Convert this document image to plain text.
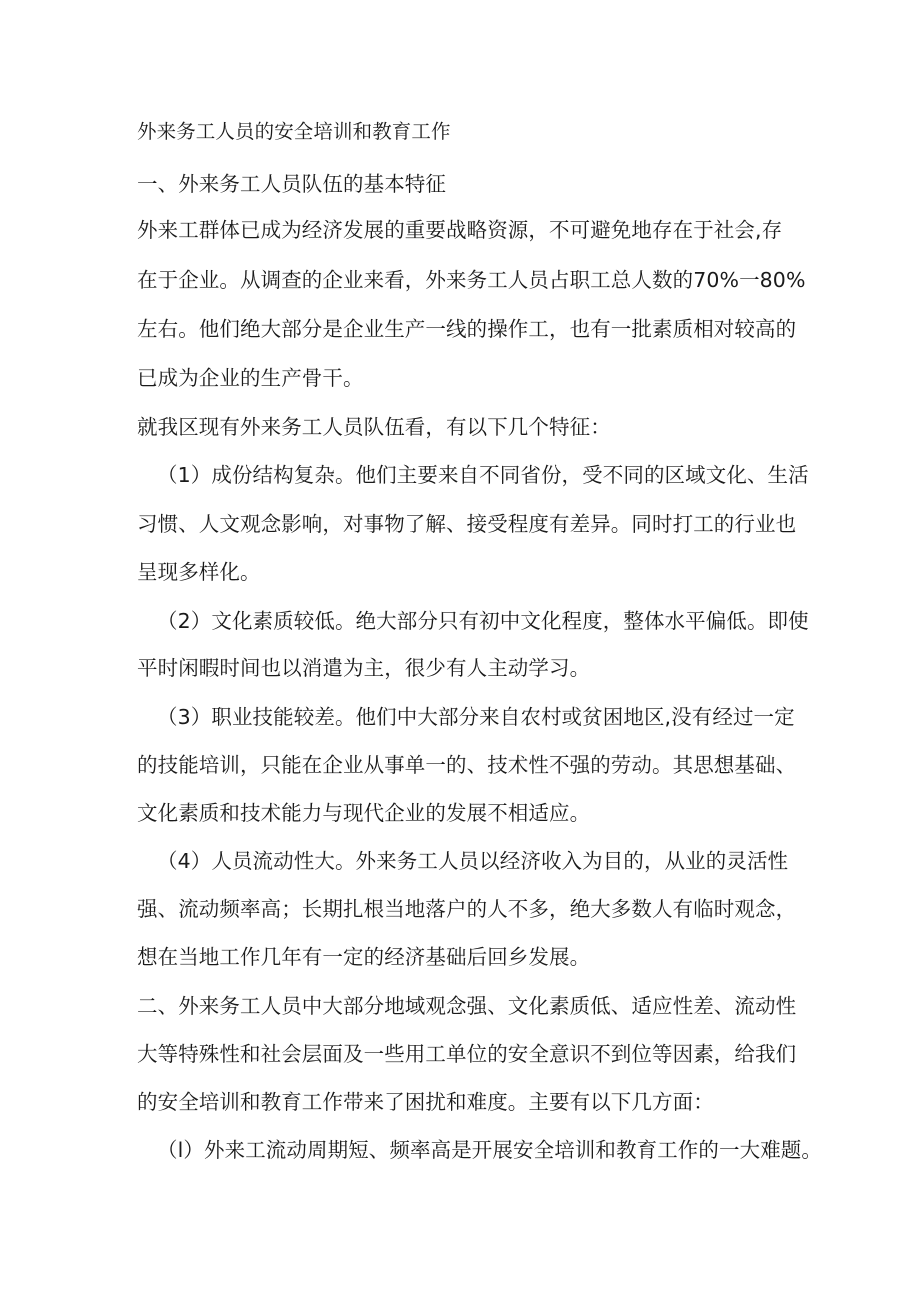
外来务工人员的安全培训和教育工作
一、外来务工人员队伍的基本特征
外来工群体已成为经济发展的重要战略资源，不可避免地存在于社会,存
在于企业。从调查的企业来看，外来务工人员占职工总人数的70%一80%
左右。他们绝大部分是企业生产一线的操作工，也有一批素质相对较高的
已成为企业的生产骨干。
就我区现有外来务工人员队伍看，有以下几个特征：
（1）成份结构复杂。他们主要来自不同省份，受不同的区域文化、生活
习惯、人文观念影响，对事物了解、接受程度有差异。同时打工的行业也
呈现多样化。
（2）文化素质较低。绝大部分只有初中文化程度，整体水平偏低。即使
平时闲暇时间也以消遣为主，很少有人主动学习。
（3）职业技能较差。他们中大部分来自农村或贫困地区,没有经过一定
的技能培训，只能在企业从事单一的、技术性不强的劳动。其思想基础、
文化素质和技术能力与现代企业的发展不相适应。
（4）人员流动性大。外来务工人员以经济收入为目的，从业的灵活性
强、流动频率高；长期扎根当地落户的人不多，绝大多数人有临时观念，
想在当地工作几年有一定的经济基础后回乡发展。
二、外来务工人员中大部分地域观念强、文化素质低、适应性差、流动性
大等特殊性和社会层面及一些用工单位的安全意识不到位等因素，给我们
的安全培训和教育工作带来了困扰和难度。主要有以下几方面：
（l）外来工流动周期短、频率高是开展安全培训和教育工作的一大难题。
